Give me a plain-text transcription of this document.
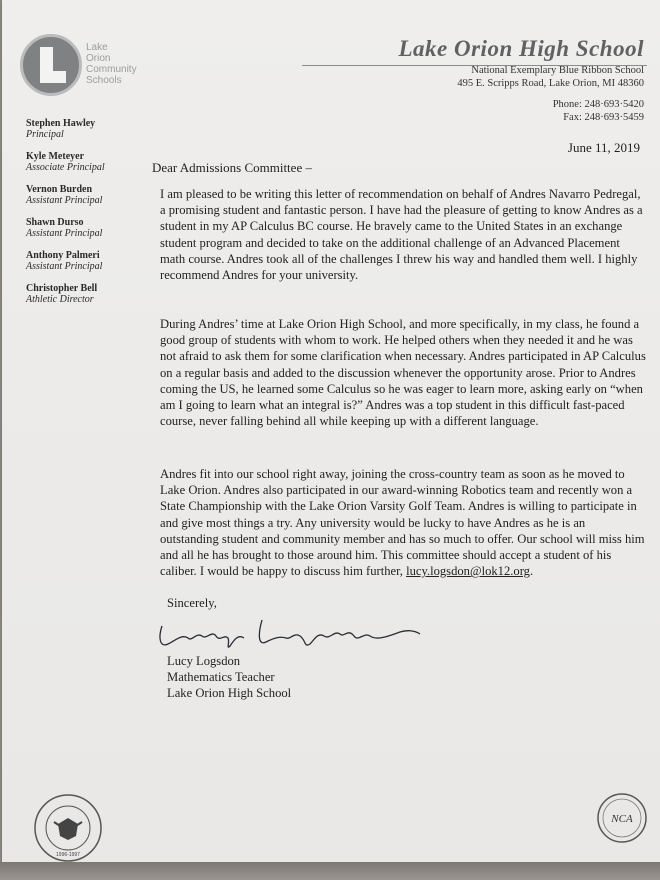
Lake
Orion
Community
Schools
Lake Orion High School
National Exemplary Blue Ribbon School
495 E. Scripps Road, Lake Orion, MI 48360
Phone: 248·693·5420
Fax: 248·693·5459
Stephen Hawley
Principal
Kyle Meteyer
Associate Principal
Vernon Burden
Assistant Principal
Shawn Durso
Assistant Principal
Anthony Palmeri
Assistant Principal
Christopher Bell
Athletic Director
June 11, 2019
Dear Admissions Committee –
I am pleased to be writing this letter of recommendation on behalf of Andres Navarro Pedregal, a promising student and fantastic person. I have had the pleasure of getting to know Andres as a student in my AP Calculus BC course. He bravely came to the United States in an exchange student program and decided to take on the additional challenge of an Advanced Placement math course. Andres took all of the challenges I threw his way and handled them well. I highly recommend Andres for your university.
During Andres’ time at Lake Orion High School, and more specifically, in my class, he found a good group of students with whom to work. He helped others when they needed it and he was not afraid to ask them for some clarification when necessary. Andres participated in AP Calculus on a regular basis and added to the discussion whenever the opportunity arose. Prior to Andres coming the US, he learned some Calculus so he was eager to learn more, asking early on “when am I going to learn what an integral is?” Andres was a top student in this difficult fast-paced course, never falling behind all while keeping up with a different language.
Andres fit into our school right away, joining the cross-country team as soon as he moved to Lake Orion. Andres also participated in our award-winning Robotics team and recently won a State Championship with the Lake Orion Varsity Golf Team. Andres is willing to participate in and give most things a try. Any university would be lucky to have Andres as he is an outstanding student and community member and has so much to offer. Our school will miss him and all he has brought to those around him. This committee should accept a student of his caliber. I would be happy to discuss him further, lucy.logsdon@lok12.org.
Sincerely,
Lucy Logsdon
Mathematics Teacher
Lake Orion High School
1996-1997
NCA
